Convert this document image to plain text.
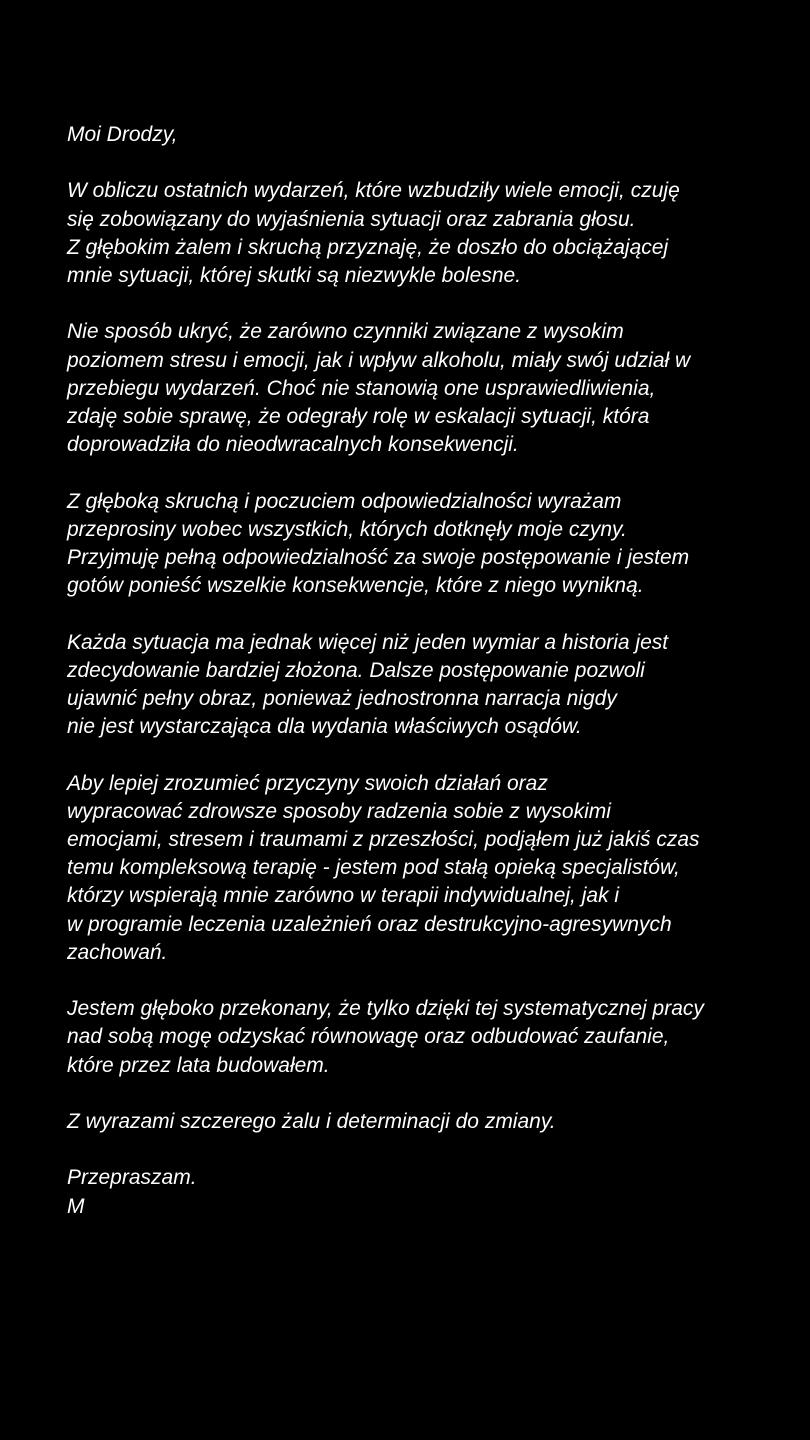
Moi Drodzy,
W obliczu ostatnich wydarzeń, które wzbudziły wiele emocji, czuję
się zobowiązany do wyjaśnienia sytuacji oraz zabrania głosu.
Z głębokim żalem i skruchą przyznaję, że doszło do obciążającej
mnie sytuacji, której skutki są niezwykle bolesne.
Nie sposób ukryć, że zarówno czynniki związane z wysokim
poziomem stresu i emocji, jak i wpływ alkoholu, miały swój udział w
przebiegu wydarzeń. Choć nie stanowią one usprawiedliwienia,
zdaję sobie sprawę, że odegrały rolę w eskalacji sytuacji, która
doprowadziła do nieodwracalnych konsekwencji.
Z głęboką skruchą i poczuciem odpowiedzialności wyrażam
przeprosiny wobec wszystkich, których dotknęły moje czyny.
Przyjmuję pełną odpowiedzialność za swoje postępowanie i jestem
gotów ponieść wszelkie konsekwencje, które z niego wynikną.
Każda sytuacja ma jednak więcej niż jeden wymiar a historia jest
zdecydowanie bardziej złożona. Dalsze postępowanie pozwoli
ujawnić pełny obraz, ponieważ jednostronna narracja nigdy
nie jest wystarczająca dla wydania właściwych osądów.
Aby lepiej zrozumieć przyczyny swoich działań oraz
wypracować zdrowsze sposoby radzenia sobie z wysokimi
emocjami, stresem i traumami z przeszłości, podjąłem już jakiś czas
temu kompleksową terapię - jestem pod stałą opieką specjalistów,
którzy wspierają mnie zarówno w terapii indywidualnej, jak i
w programie leczenia uzależnień oraz destrukcyjno-agresywnych
zachowań.
Jestem głęboko przekonany, że tylko dzięki tej systematycznej pracy
nad sobą mogę odzyskać równowagę oraz odbudować zaufanie,
które przez lata budowałem.
Z wyrazami szczerego żalu i determinacji do zmiany.
Przepraszam.
M
